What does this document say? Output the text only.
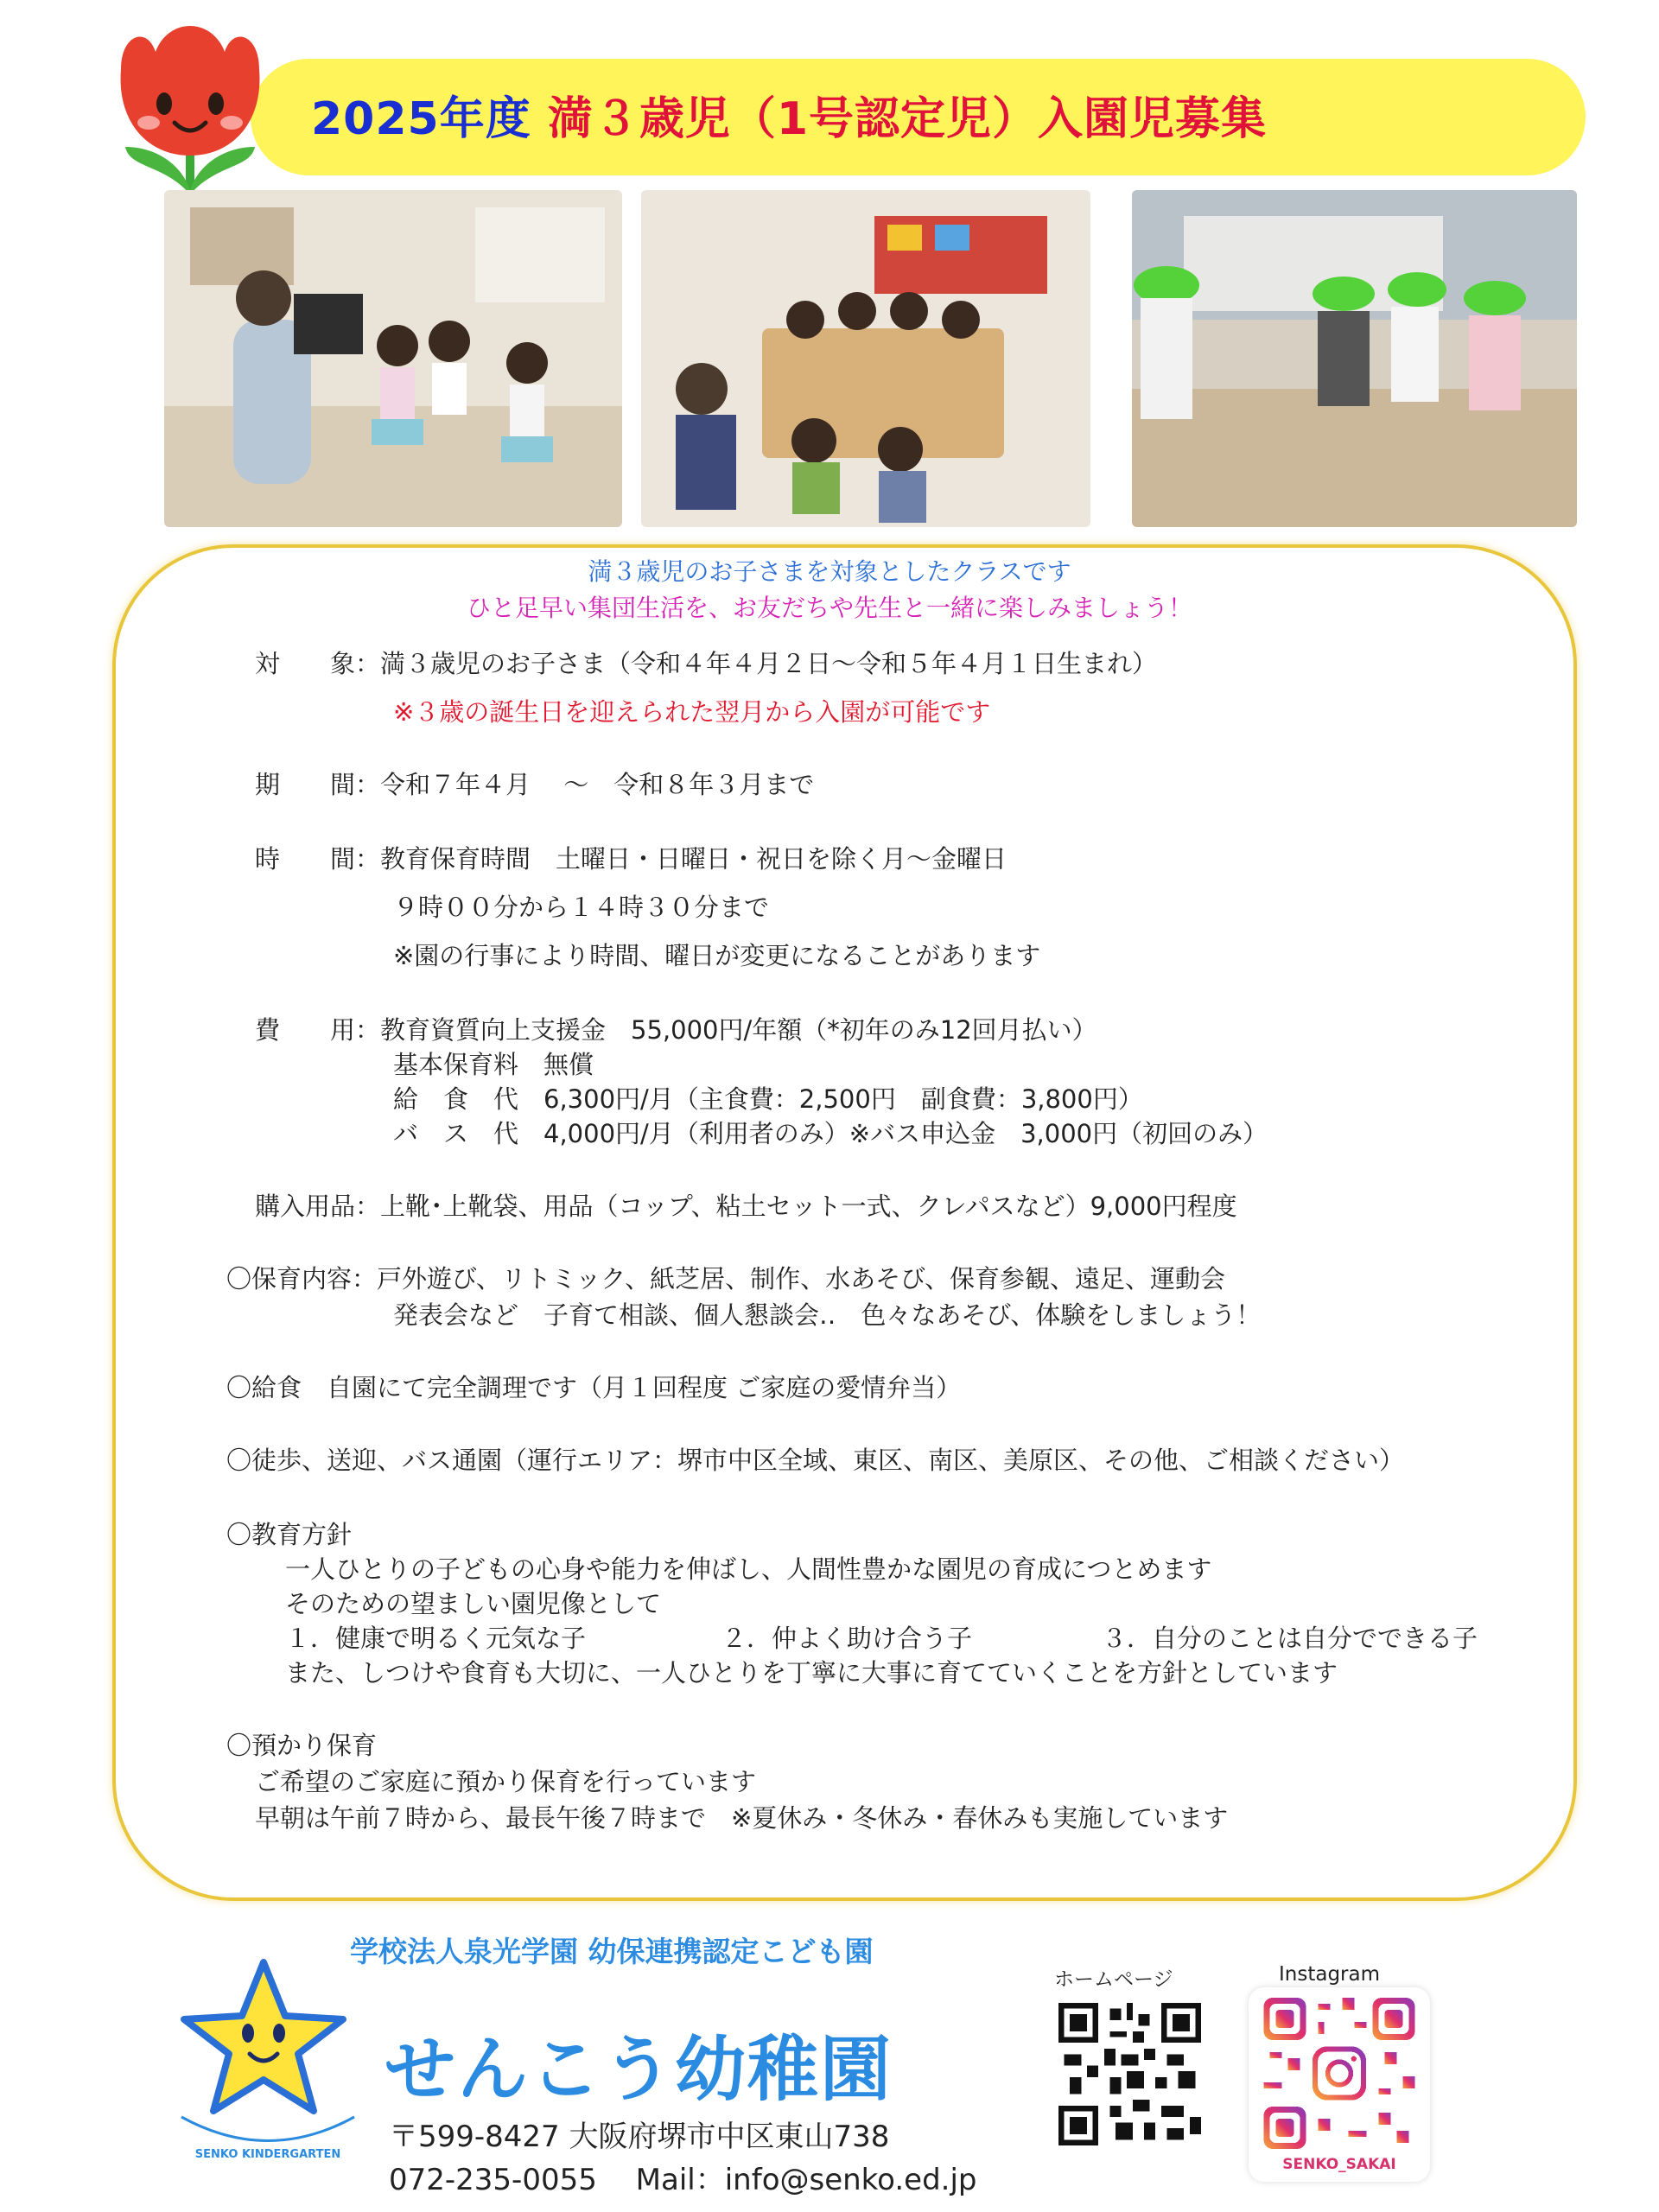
2025年度 満３歳児（1号認定児）入園児募集
満３歳児のお子さまを対象としたクラスです
ひと足早い集団生活を、お友だちや先生と一緒に楽しみましょう！
対　　象：満３歳児のお子さま（令和４年４月２日～令和５年４月１日生まれ）
※３歳の誕生日を迎えられた翌月から入園が可能です
期　　間：令和７年４月　 ～　令和８年３月まで
時　　間：教育保育時間　土曜日・日曜日・祝日を除く月～金曜日
９時００分から１４時３０分まで
※園の行事により時間、曜日が変更になることがあります
費　　用：教育資質向上支援金　55,000円/年額（*初年のみ12回月払い）
基本保育料　無償
給　食　代　6,300円/月（主食費：2,500円　副食費：3,800円）
バ　ス　代　4,000円/月（利用者のみ）※バス申込金　3,000円（初回のみ）
購入用品：上靴･上靴袋、用品（コップ、粘土セット一式、クレパスなど）9,000円程度
〇保育内容：戸外遊び、リトミック、紙芝居、制作、水あそび、保育参観、遠足、運動会
発表会など　子育て相談、個人懇談会‥　色々なあそび、体験をしましょう！
〇給食　自園にて完全調理です（月１回程度 ご家庭の愛情弁当）
〇徒歩、送迎、バス通園（運行エリア：堺市中区全域、東区、南区、美原区、その他、ご相談ください）
〇教育方針
一人ひとりの子どもの心身や能力を伸ばし、人間性豊かな園児の育成につとめます
そのための望ましい園児像として
１．健康で明るく元気な子	２．仲よく助け合う子	３．自分のことは自分でできる子
また、しつけや食育も大切に、一人ひとりを丁寧に大事に育てていくことを方針としています
〇預かり保育
ご希望のご家庭に預かり保育を行っています
早朝は午前７時から、最長午後７時まで　※夏休み・冬休み・春休みも実施しています
学校法人泉光学園 幼保連携認定こども園
SENKO KINDERGARTEN
せんこう幼稚園
〒599-8427 大阪府堺市中区東山738
072-235-0055　 Mail：info@senko.ed.jp
ホームページ	Instagram
SENKO_SAKAI
